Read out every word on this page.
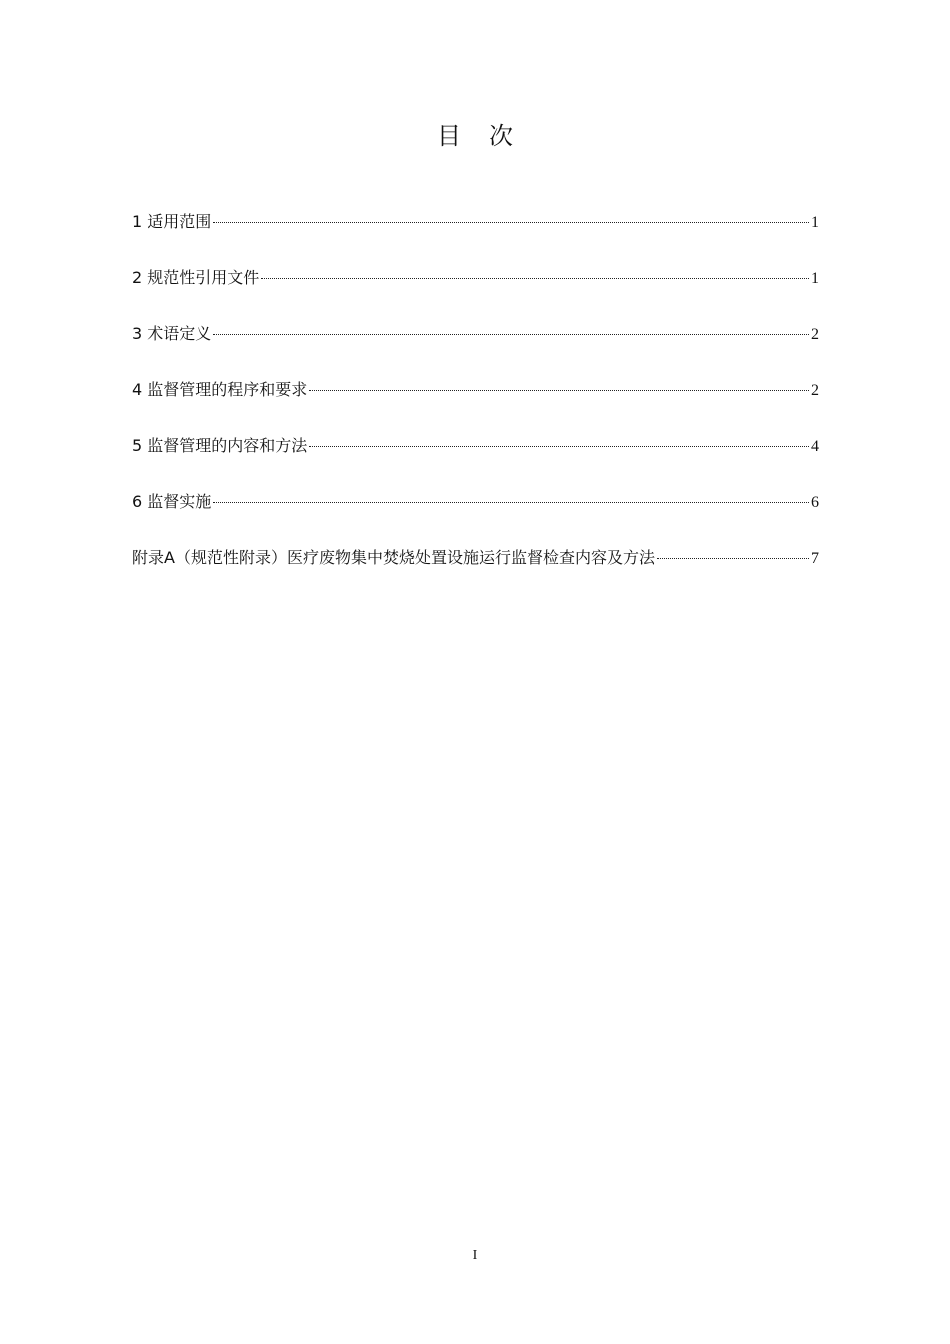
目次
1 适用范围	1
2 规范性引用文件	1
3 术语定义	2
4 监督管理的程序和要求	2
5 监督管理的内容和方法	4
6 监督实施	6
附录A（规范性附录）医疗废物集中焚烧处置设施运行监督检查内容及方法	7
I
